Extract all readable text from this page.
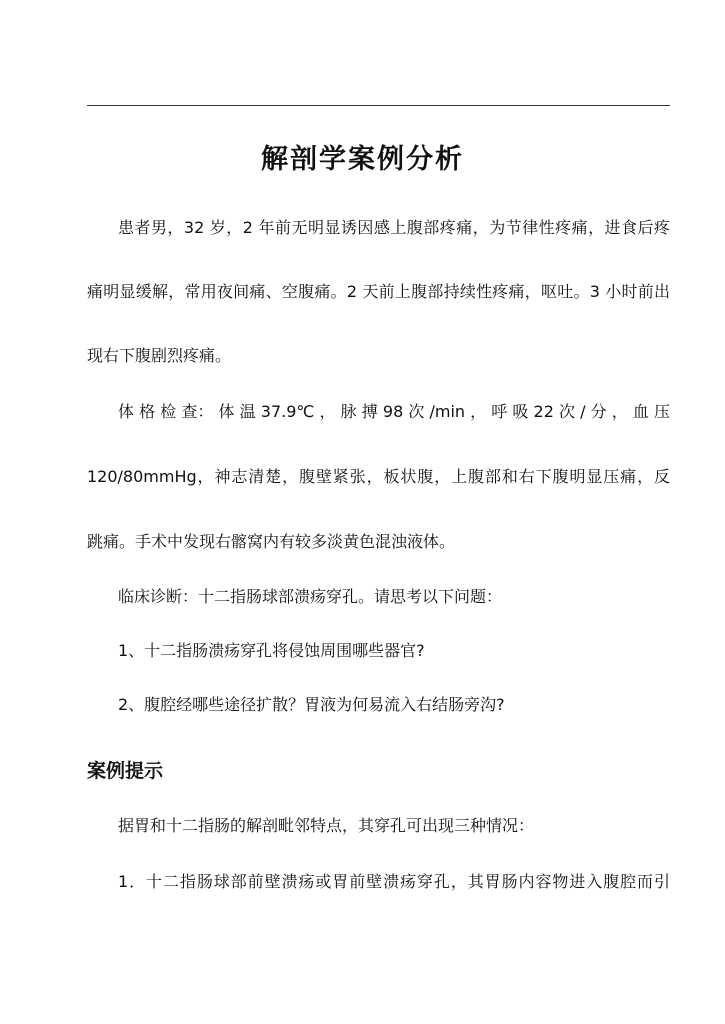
解剖学案例分析
患者男，32 岁，2 年前无明显诱因感上腹部疼痛，为节律性疼痛，进食后疼
痛明显缓解，常用夜间痛、空腹痛。2 天前上腹部持续性疼痛，呕吐。3 小时前出
现右下腹剧烈疼痛。
体 格 检 查： 体 温 37.9℃ ， 脉 搏 98 次 /min ， 呼 吸 22 次 / 分 ， 血 压
120/80mmHg，神志清楚，腹壁紧张，板状腹，上腹部和右下腹明显压痛，反
跳痛。手术中发现右髂窝内有较多淡黄色混浊液体。
临床诊断：十二指肠球部溃疡穿孔。请思考以下问题：
1、十二指肠溃疡穿孔将侵蚀周围哪些器官?
2、腹腔经哪些途径扩散？胃液为何易流入右结肠旁沟?
案例提示
据胃和十二指肠的解剖毗邻特点，其穿孔可出现三种情况：
1．十二指肠球部前壁溃疡或胃前壁溃疡穿孔，其胃肠内容物进入腹腔而引
